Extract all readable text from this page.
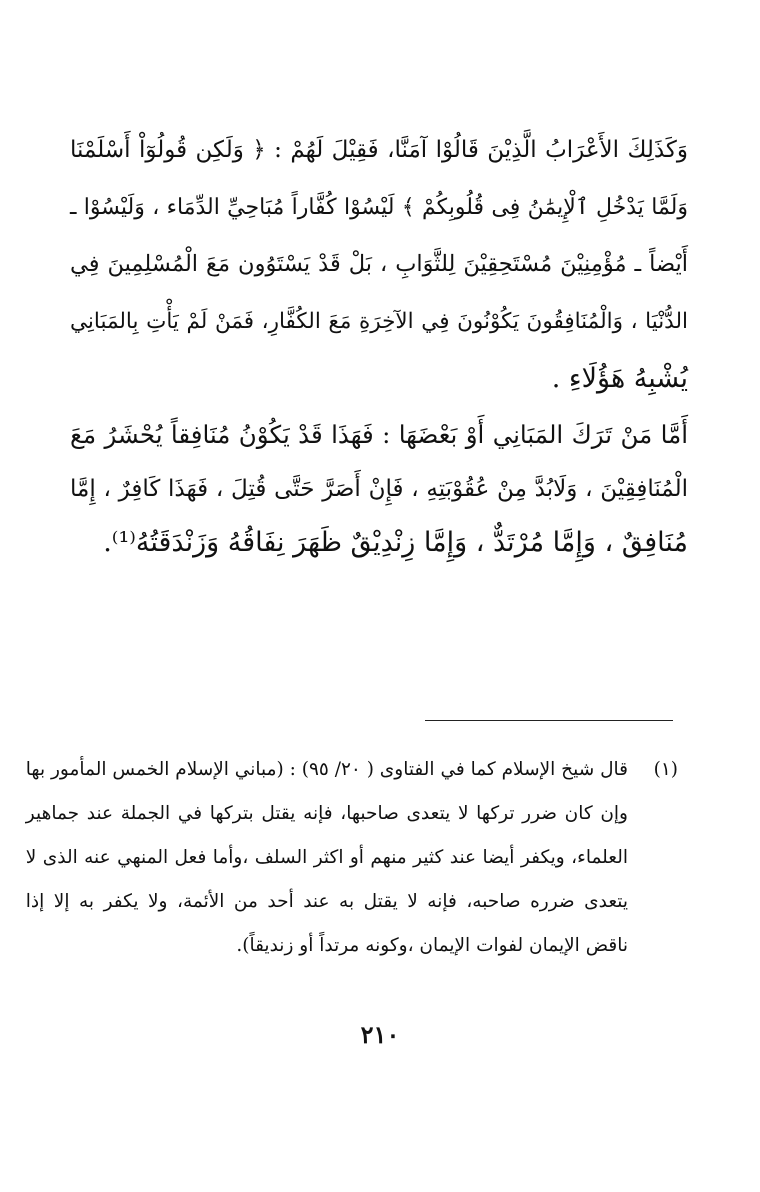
وَكَذَلِكَ الأَعْرَابُ الَّذِيْنَ قَالُوْا آمَنَّا، فَقِيْلَ لَهُمْ : ﴿ وَلَكِن قُولُوٓاْ أَسْلَمْنَا
وَلَمَّا يَدْخُلِ ٱلْإِيمَٰنُ فِى قُلُوبِكُمْ ﴾ لَيْسُوْا كُفَّاراً مُبَاحِيِّ الدِّمَاء ، وَلَيْسُوْا ـ
أَيْضاً ـ مُؤْمِنِيْنَ مُسْتَحِقِيْنَ لِلثَّوَابِ ، بَلْ قَدْ يَسْتَوُون مَعَ الْمُسْلِمِينَ فِي
الدُّنْيَا ، وَالْمُنَافِقُونَ يَكُوْنُونَ فِي الآخِرَةِ مَعَ الكُفَّارِ، فَمَنْ لَمْ يَأْتِ بِالمَبَانِي
يُشْبِهُ هَؤُلَاءِ .
أَمَّا مَنْ تَرَكَ المَبَانِي أَوْ بَعْضَهَا : فَهَذَا قَدْ يَكُوْنُ مُنَافِقاً يُحْشَرُ مَعَ
الْمُنَافِقِيْنَ ، وَلَابُدَّ مِنْ عُقُوْبَتِهِ ، فَإِنْ أَصَرَّ حَتَّى قُتِلَ ، فَهَذَا كَافِرٌ ، إِمَّا
مُنَافِقٌ ، وَإِمَّا مُرْتَدٌّ ، وَإِمَّا زِنْدِيْقٌ ظَهَرَ نِفَاقُهُ وَزَنْدَقَتُهُ⁽¹⁾.
(١)
قال شيخ الإسلام كما في الفتاوى ( ٢٠/ ٩٥) : (مباني الإسلام الخمس المأمور بها
وإن كان ضرر تركها لا يتعدى صاحبها، فإنه يقتل بتركها في الجملة عند جماهير
العلماء، ويكفر أيضا عند كثير منهم أو اكثر السلف ،وأما فعل المنهي عنه الذى لا
يتعدى ضرره صاحبه، فإنه لا يقتل به عند أحد من الأئمة، ولا يكفر به إلا إذا
ناقض الإيمان لفوات الإيمان ،وكونه مرتداً أو زنديقاً).
٢١٠
